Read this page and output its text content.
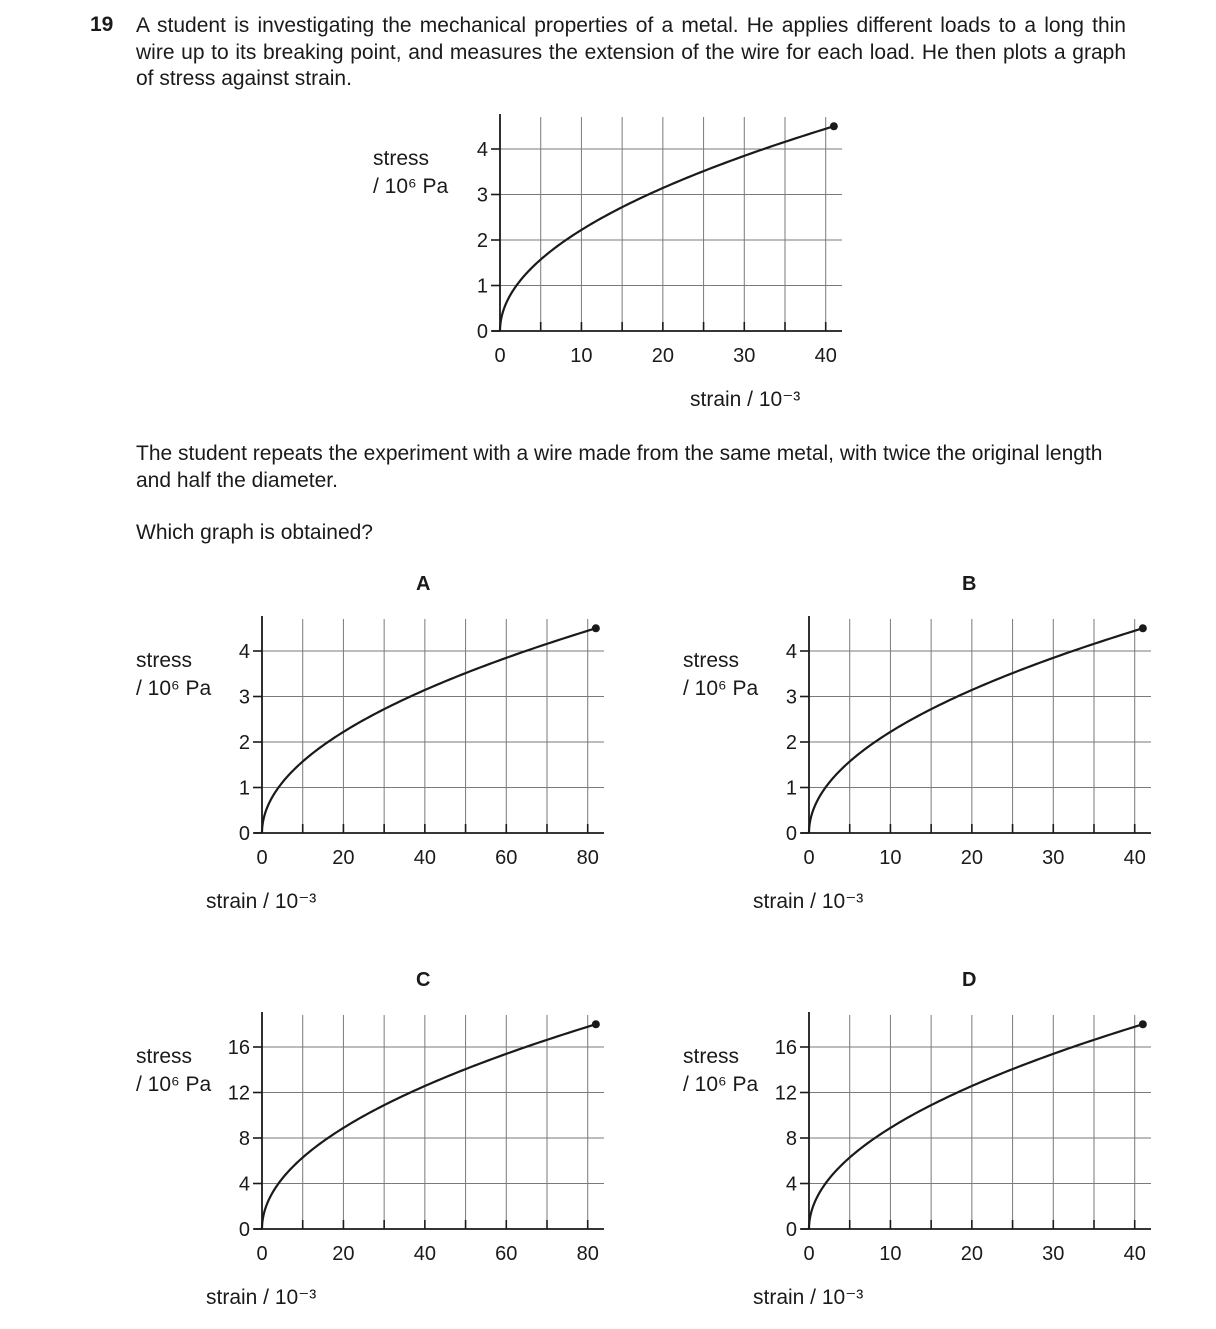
19 A student is investigating the mechanical properties of a metal. He applies different loads to a long thin wire up to its breaking point, and measures the extension of the wire for each load. He then plots a graph of stress against strain.

The student repeats the experiment with a wire made from the same metal, with twice the original length and half the diameter.

Which graph is obtained?

A	B
C	D
0	10	20	30	40
0
1
2
3
4
stress
/ 10⁶ Pa
strain / 10⁻³
0	20	40	60	80
0
1
2
3
4
stress
/ 10⁶ Pa
strain / 10⁻³
0	10	20	30	40
0
1
2
3
4
stress
/ 10⁶ Pa
strain / 10⁻³
0	20	40	60	80
0
4
8
12
16
stress
/ 10⁶ Pa
strain / 10⁻³
0	10	20	30	40
0
4
8
12
16
stress
/ 10⁶ Pa
strain / 10⁻³
